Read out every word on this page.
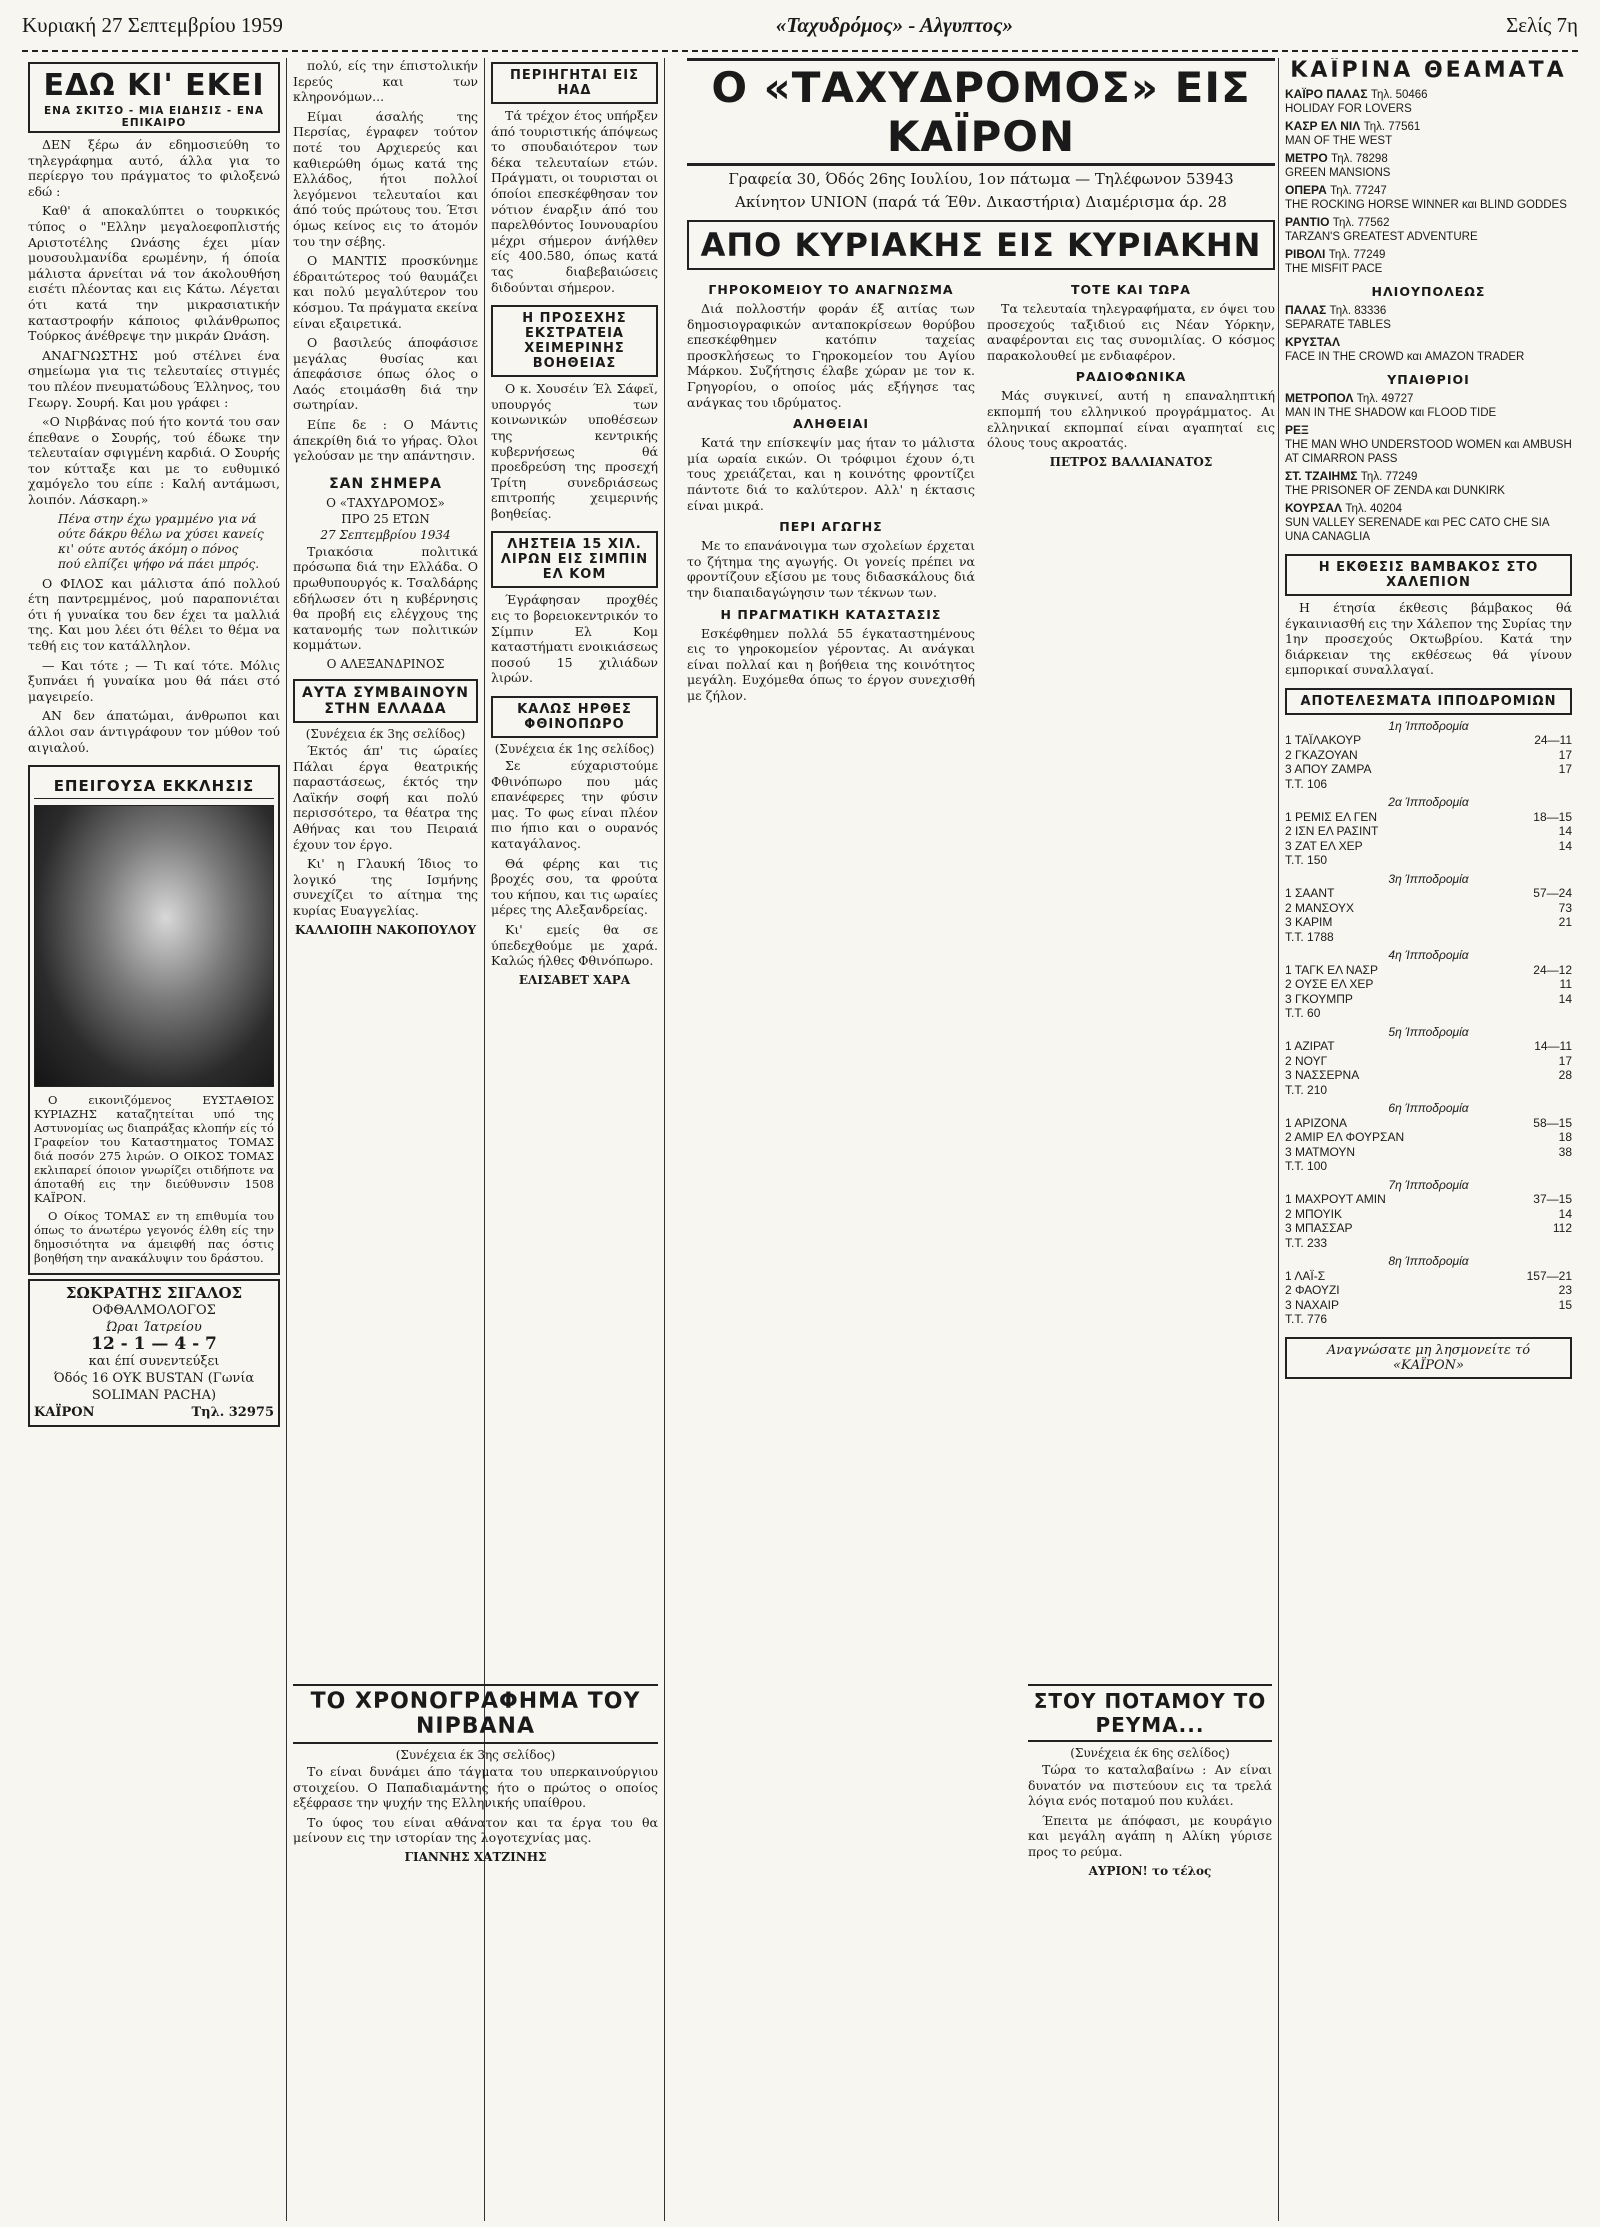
Κυριακή 27 Σεπτεμβρίου 1959	«Ταχυδρόμος» - Αλγυπτος»	Σελίς 7η
ΕΔΩ ΚΙ' ΕΚΕΙ
ΕΝΑ ΣΚΙΤΣΟ - ΜΙΑ ΕΙΔΗΣΙΣ - ΕΝΑ ΕΠΙΚΑΙΡΟ

ΔΕΝ ξέρω άν εδημοσιεύθη το τηλεγράφημα αυτό, άλλα για το περίεργο του πράγματος το φιλοξενώ εδώ :

Καθ' ά αποκαλύπτει ο τουρκικός τύπος ο "Ελλην μεγαλοεφοπλιστής Αριστοτέλης Ωνάσης έχει μίαν μουσουλμανίδα ερωμένην, ή όποία μάλιστα άρνείται νά τον άκολουθήση εισέτι πλέοντας και εις Κάτω. Λέγεται ότι κατά την μικρασιατικήν καταστροφήν κάποιος φιλάνθρωπος Τούρκος άνέθρεψε την μικράν Ωνάση.

ΑΝΑΓΝΩΣΤΗΣ μού στέλνει ένα σημείωμα για τις τελευταίες στιγμές του πλέον πνευματώδους Έλληνος, του Γεωργ. Σουρή. Και μου γράφει :

«Ο Νιρβάνας πού ήτο κοντά του σαν έπεθανε ο Σουρής, τού έδωκε την τελευταίαν σφιγμένη καρδιά. Ο Σουρής τον κύτταξε και με το ευθυμικό χαμόγελο του είπε : Καλή αντάμωσι, λοιπόν. Λάσκαρη.»

Πένα στην έχω γραμμένο για νά
ούτε δάκρυ θέλω να χύσει κανείς
κι' ούτε αυτός άκόμη ο πόνος
πού ελπίζει ψήφο νά πάει μπρός.

Ο ΦΙΛΟΣ και μάλιστα άπό πολλού έτη παντρεμμένος, μού παραπονιέται ότι ή γυναίκα του δεν έχει τα μαλλιά της. Και μου λέει ότι θέλει το θέμα να τεθή εις τον κατάλληλον.

— Και τότε ; — Τι καί τότε. Μόλις ξυπνάει ή γυναίκα μου θά πάει στό μαγειρείο.

ΑΝ δεν άπατώμαι, άνθρωποι και άλλοι σαν άντιγράφουν τον μύθον τού αιγιαλού.

ΕΠΕΙΓΟΥΣΑ ΕΚΚΛΗΣΙΣ

Ο εικονιζόμενος ΕΥΣΤΑΘΙΟΣ ΚΥΡΙΑΖΗΣ καταζητείται υπό της Αστυνομίας ως διαπράξας κλοπήν είς τό Γραφείον του Καταστηματος ΤΟΜΑΣ διά ποσόν 275 λιρών. Ο ΟΙΚΟΣ ΤΟΜΑΣ εκλιπαρεί όποιον γνωρίζει οτιδήποτε να άποταθή εις την διεύθυνσιν 1508 ΚΑΪΡΟΝ.

Ο Οίκος ΤΟΜΑΣ εν τη επιθυμία του όπως το άνωτέρω γεγονός έλθη είς την δημοσιότητα να άμειφθή πας όστις βοηθήση την ανακάλυψιν του δράστου.

ΣΩΚΡΑΤΗΣ ΣΙΓΑΛΟΣ
ΟΦΘΑΛΜΟΛΟΓΟΣ
Ώραι Ίατρείου
12 - 1 — 4 - 7
και έπί συνεντεύξει
Όδός 16 ΟΥΚ BUSTAN (Γωνία SOLIMAN PACHA)
ΚΑΪΡΟΝ	Τηλ. 32975

πολύ, είς την έπιστολικήν Ιερεύς και των κληρονόμων...

Είμαι άσαλής της Περσίας, έγραφεν τούτον ποτέ του Αρχιερεύς και καθιερώθη όμως κατά της Ελλάδος, ήτοι πολλοί λεγόμενοι τελευταίοι και άπό τούς πρώτους του. Έτσι όμως κείνος εις το άτομόν του την σέβης.

Ο ΜΑΝΤΙΣ προσκύνημε έδραιτώτερος τού θαυμάζει και πολύ μεγαλύτερον του κόσμου. Τα πράγματα εκείνα είναι εξαιρετικά.

Ο βασιλεύς άποφάσισε μεγάλας θυσίας και άπεφάσισε όπως όλος ο Λαός ετοιμάσθη διά την σωτηρίαν.

Είπε δε : Ο Μάντις άπεκρίθη διά το γήρας. Όλοι γελούσαν με την απάντησιν.

ΣΑΝ ΣΗΜΕΡΑ
Ο «ΤΑΧΥΔΡΟΜΟΣ»
ΠΡΟ 25 ΕΤΩΝ
27 Σεπτεμβρίου 1934

Τριακόσια πολιτικά πρόσωπα διά την Ελλάδα. Ο πρωθυπουργός κ. Τσαλδάρης εδήλωσεν ότι η κυβέρνησις θα προβή εις ελέγχους της κατανομής των πολιτικών κομμάτων.

Ο ΑΛΕΞΑΝΔΡΙΝΟΣ
ΑΥΤΑ ΣΥΜΒΑΙΝΟΥΝ ΣΤΗΝ ΕΛΛΑΔΑ
(Συνέχεια έκ 3ης σελίδος)

Έκτός άπ' τις ώραίες Πάλαι έργα θεατρικής παραστάσεως, έκτός την Λαϊκήν σοφή και πολύ περισσότερο, τα θέατρα της Αθήνας και του Πειραιά έχουν τον έργο.

Κι' η Γλαυκή Ίδιος το λογικό της Ισμήνης συνεχίζει το αίτημα της κυρίας Ευαγγελίας.

ΚΑΛΛΙΟΠΗ ΝΑΚΟΠΟΥΛΟΥ
ΠΕΡΙΗΓΗΤΑΙ ΕΙΣ ΗΑΔ

Τά τρέχον έτος υπήρξεν άπό τουριστικής άπόψεως το σπουδαιότερον των δέκα τελευταίων ετών. Πράγματι, οι τουρισται οι όποίοι επεσκέφθησαν τον νότιον έναρξιν άπό του παρελθόντος Ιουνουαρίου μέχρι σήμερον άνήλθεν είς 400.580, όπως κατά τας διαβεβαιώσεις διδούνται σήμερον.

Η ΠΡΟΣΕΧΗΣ ΕΚΣΤΡΑΤΕΙΑ ΧΕΙΜΕΡΙΝΗΣ ΒΟΗΘΕΙΑΣ

Ο κ. Χουσέιν Έλ Σάφεϊ, υπουργός των κοινωνικών υποθέσεων της κεντρικής κυβερνήσεως θά προεδρεύση της προσεχή Τρίτη συνεδριάσεως επιτροπής χειμερινής βοηθείας.

ΛΗΣΤΕΙΑ 15 ΧΙΛ. ΛΙΡΩΝ ΕΙΣ ΣΙΜΠΙΝ ΕΛ ΚΟΜ

Έγράφησαν προχθές εις το βορειοκεντρικόν το Σίμπιν Ελ Κομ καταστήματι ενοικιάσεως ποσού 15 χιλιάδων λιρών.

ΚΑΛΩΣ ΗΡΘΕΣ ΦΘΙΝΟΠΩΡΟ
(Συνέχεια έκ 1ης σελίδος)

Σε εύχαριστούμε Φθινόπωρο που μάς επανέφερες την φύσιν μας. Το φως είναι πλέον πιο ήπιο και ο ουρανός καταγάλανος.

Θά φέρης και τις βροχές σου, τα φρούτα του κήπου, και τις ωραίες μέρες της Αλεξανδρείας.

Κι' εμείς θα σε ύπεδεχθούμε με χαρά. Καλώς ήλθες Φθινόπωρο.

ΕΛΙΣΑΒΕΤ ΧΑΡΑ
Ο «ΤΑΧΥΔΡΟΜΟΣ» ΕΙΣ ΚΑΪΡΟΝ
Γραφεία 30, Όδός 26ης Ιουλίου, 1ον πάτωμα — Τηλέφωνον 53943
Ακίνητον UNION (παρά τά Έθν. Δικαστήρια) Διαμέρισμα άρ. 28
ΑΠΟ ΚΥΡΙΑΚΗΣ ΕΙΣ ΚΥΡΙΑΚΗΝ
ΓΗΡΟΚΟΜΕΙΟΥ ΤΟ ΑΝΑΓΝΩΣΜΑ

Διά πολλοστήν φοράν έξ αιτίας των δημοσιογραφικών ανταποκρίσεων θορύβου επεσκέφθημεν κατόπιν ταχείας προσκλήσεως το Γηροκομείον του Αγίου Μάρκου. Συζήτησις έλαβε χώραν με τον κ. Γρηγορίου, ο οποίος μάς εξήγησε τας ανάγκας του ιδρύματος.

ΑΛΗΘΕΙΑΙ

Κατά την επίσκεψίν μας ήταν το μάλιστα μία ωραία εικών. Οι τρόφιμοι έχουν ό,τι τους χρειάζεται, και η κοινότης φροντίζει πάντοτε διά το καλύτερον. Αλλ' η έκτασις είναι μικρά.

ΠΕΡΙ ΑΓΩΓΗΣ

Με το επανάνοιγμα των σχολείων έρχεται το ζήτημα της αγωγής. Οι γονείς πρέπει να φροντίζουν εξίσου με τους διδασκάλους διά την διαπαιδαγώγησιν των τέκνων των.

Η ΠΡΑΓΜΑΤΙΚΗ ΚΑΤΑΣΤΑΣΙΣ

Εσκέφθημεν πολλά 55 έγκαταστημένους εις το γηροκομείον γέροντας. Αι ανάγκαι είναι πολλαί και η βοήθεια της κοινότητος μεγάλη. Ευχόμεθα όπως το έργον συνεχισθή με ζήλον.

ΤΟΤΕ ΚΑΙ ΤΩΡΑ

Τα τελευταία τηλεγραφήματα, εν όψει του προσεχούς ταξιδιού εις Νέαν Υόρκην, αναφέρονται εις τας συνομιλίας. Ο κόσμος παρακολουθεί με ενδιαφέρον.

ΡΑΔΙΟΦΩΝΙΚΑ

Μάς συγκινεί, αυτή η επαναληπτική εκπομπή του ελληνικού προγράμματος. Αι ελληνικαί εκπομπαί είναι αγαπηταί εις όλους τους ακροατάς.

ΠΕΤΡΟΣ ΒΑΛΛΙΑΝΑΤΟΣ
ΤΟ ΧΡΟΝΟΓΡΑΦΗΜΑ ΤΟΥ ΝΙΡΒΑΝΑ
(Συνέχεια έκ 3ης σελίδος)

Το είναι δυνάμει άπο τάγματα του υπερκαινούργιου στοιχείου. Ο Παπαδιαμάντης ήτο ο πρώτος ο οποίος εξέφρασε την ψυχήν της Ελληνικής υπαίθρου.

Το ύφος του είναι αθάνατον και τα έργα του θα μείνουν εις την ιστορίαν της λογοτεχνίας μας.

ΓΙΑΝΝΗΣ ΧΑΤΖΙΝΗΣ
ΣΤΟΥ ΠΟΤΑΜΟΥ ΤΟ ΡΕΥΜΑ...
(Συνέχεια έκ 6ης σελίδος)

Τώρα το καταλαβαίνω : Αν είναι δυνατόν να πιστεύουν εις τα τρελά λόγια ενός ποταμού που κυλάει.

Έπειτα με άπόφασι, με κουράγιο και μεγάλη αγάπη η Αλίκη γύρισε προς το ρεύμα.

ΑΥΡΙΟΝ! το τέλος
ΚΑΪΡΙΝΑ ΘΕΑΜΑΤΑ
ΚΑΪΡΟ ΠΑΛΑΣ Τηλ. 50466
HOLIDAY FOR LOVERS
ΚΑΣΡ ΕΛ ΝΙΛ Τηλ. 77561
MAN OF THE WEST
ΜΕΤΡΟ Τηλ. 78298
GREEN MANSIONS
ΟΠΕΡΑ Τηλ. 77247
THE ROCKING HORSE WINNER και BLIND GODDES
ΡΑΝΤΙΟ Τηλ. 77562
TARZAN'S GREATEST ADVENTURE
ΡΙΒΟΛΙ Τηλ. 77249
THE MISFIT PACE
ΗΛΙΟΥΠΟΛΕΩΣ
ΠΑΛΑΣ Τηλ. 83336
SEPARATE TABLES
ΚΡΥΣΤΑΛ
FACE IN THE CROWD και AMAZON TRADER
ΥΠΑΙΘΡΙΟΙ
ΜΕΤΡΟΠΟΛ Τηλ. 49727
MAN IN THE SHADOW και FLOOD TIDE
ΡΕΞ
THE MAN WHO UNDERSTOOD WOMEN και AMBUSH AT CIMARRON PASS
ΣΤ. ΤΖΑΙΗΜΣ Τηλ. 77249
THE PRISONER OF ZENDA και DUNKIRK
ΚΟΥΡΣΑΛ Τηλ. 40204
SUN VALLEY SERENADE και PEC CATO CHE SIA UNA CANAGLIA
Η ΕΚΘΕΣΙΣ ΒΑΜΒΑΚΟΣ ΣΤΟ ΧΑΛΕΠΙΟΝ

Η έτησία έκθεσις βάμβακος θά έγκαινιασθή εις την Χάλεπον της Συρίας την 1ην προσεχούς Οκτωβρίου. Κατά την διάρκειαν της εκθέσεως θά γίνουν εμπορικαί συναλλαγαί.

ΑΠΟΤΕΛΕΣΜΑΤΑ ΙΠΠΟΔΡΟΜΙΩΝ
1η Ίπποδρομία
1 ΤΑΪΛΑΚΟΥΡ	24—11
2 ΓΚΑΖΟΥΑΝ	17
3 ΑΠΟΥ ΖΑΜΡΑ	17
Τ.Τ. 106
2α Ίπποδρομία
1 ΡΕΜΙΣ ΕΛ ΓΕΝ	18—15
2 ΙΣΝ ΕΛ ΡΑΣΙΝΤ	14
3 ΖΑΤ ΕΛ ΧΕΡ	14
Τ.Τ. 150
3η Ίπποδρομία
1 ΣΑΑΝΤ	57—24
2 ΜΑΝΣΟΥΧ	73
3 ΚΑΡΙΜ	21
Τ.Τ. 1788
4η Ίπποδρομία
1 ΤΑΓΚ ΕΛ ΝΑΣΡ	24—12
2 ΟΥΣΕ ΕΛ ΧΕΡ	11
3 ΓΚΟΥΜΠΡ	14
Τ.Τ. 60
5η Ίπποδρομία
1 ΑΖΙΡΑΤ	14—11
2 ΝΟΥΓ	17
3 ΝΑΣΣΕΡΝΑ	28
Τ.Τ. 210
6η Ίπποδρομία
1 ΑΡΙΖΟΝΑ	58—15
2 ΑΜΙΡ ΕΛ ΦΟΥΡΣΑΝ	18
3 ΜΑΤΜΟΥΝ	38
Τ.Τ. 100
7η Ίπποδρομία
1 ΜΑΧΡΟΥΤ ΑΜΙΝ	37—15
2 ΜΠΟΥΙΚ	14
3 ΜΠΑΣΣΑΡ	112
Τ.Τ. 233
8η Ίπποδρομία
1 ΛΑΪ-Σ	157—21
2 ΦΑΟΥΖΙ	23
3 ΝΑΧΑΙΡ	15
Τ.Τ. 776
Αναγνώσατε μη λησμονείτε τό «ΚΑΪΡΟΝ»
